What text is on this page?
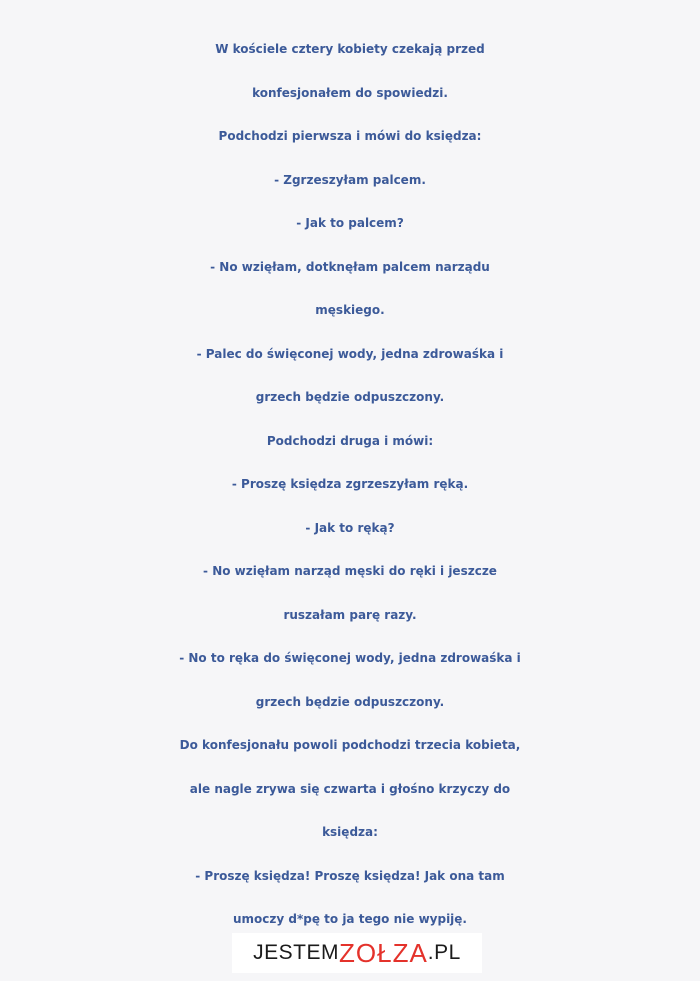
W kościele cztery kobiety czekają przed
konfesjonałem do spowiedzi.
Podchodzi pierwsza i mówi do księdza:
- Zgrzeszyłam palcem.
- Jak to palcem?
- No wzięłam, dotknęłam palcem narządu
męskiego.
- Palec do święconej wody, jedna zdrowaśka i
grzech będzie odpuszczony.
Podchodzi druga i mówi:
- Proszę księdza zgrzeszyłam ręką.
- Jak to ręką?
- No wzięłam narząd męski do ręki i jeszcze
ruszałam parę razy.
- No to ręka do święconej wody, jedna zdrowaśka i
grzech będzie odpuszczony.
Do konfesjonału powoli podchodzi trzecia kobieta,
ale nagle zrywa się czwarta i głośno krzyczy do
księdza:
- Proszę księdza! Proszę księdza! Jak ona tam
umoczy d*pę to ja tego nie wypiję.
JESTEM ZOŁZA .PL
